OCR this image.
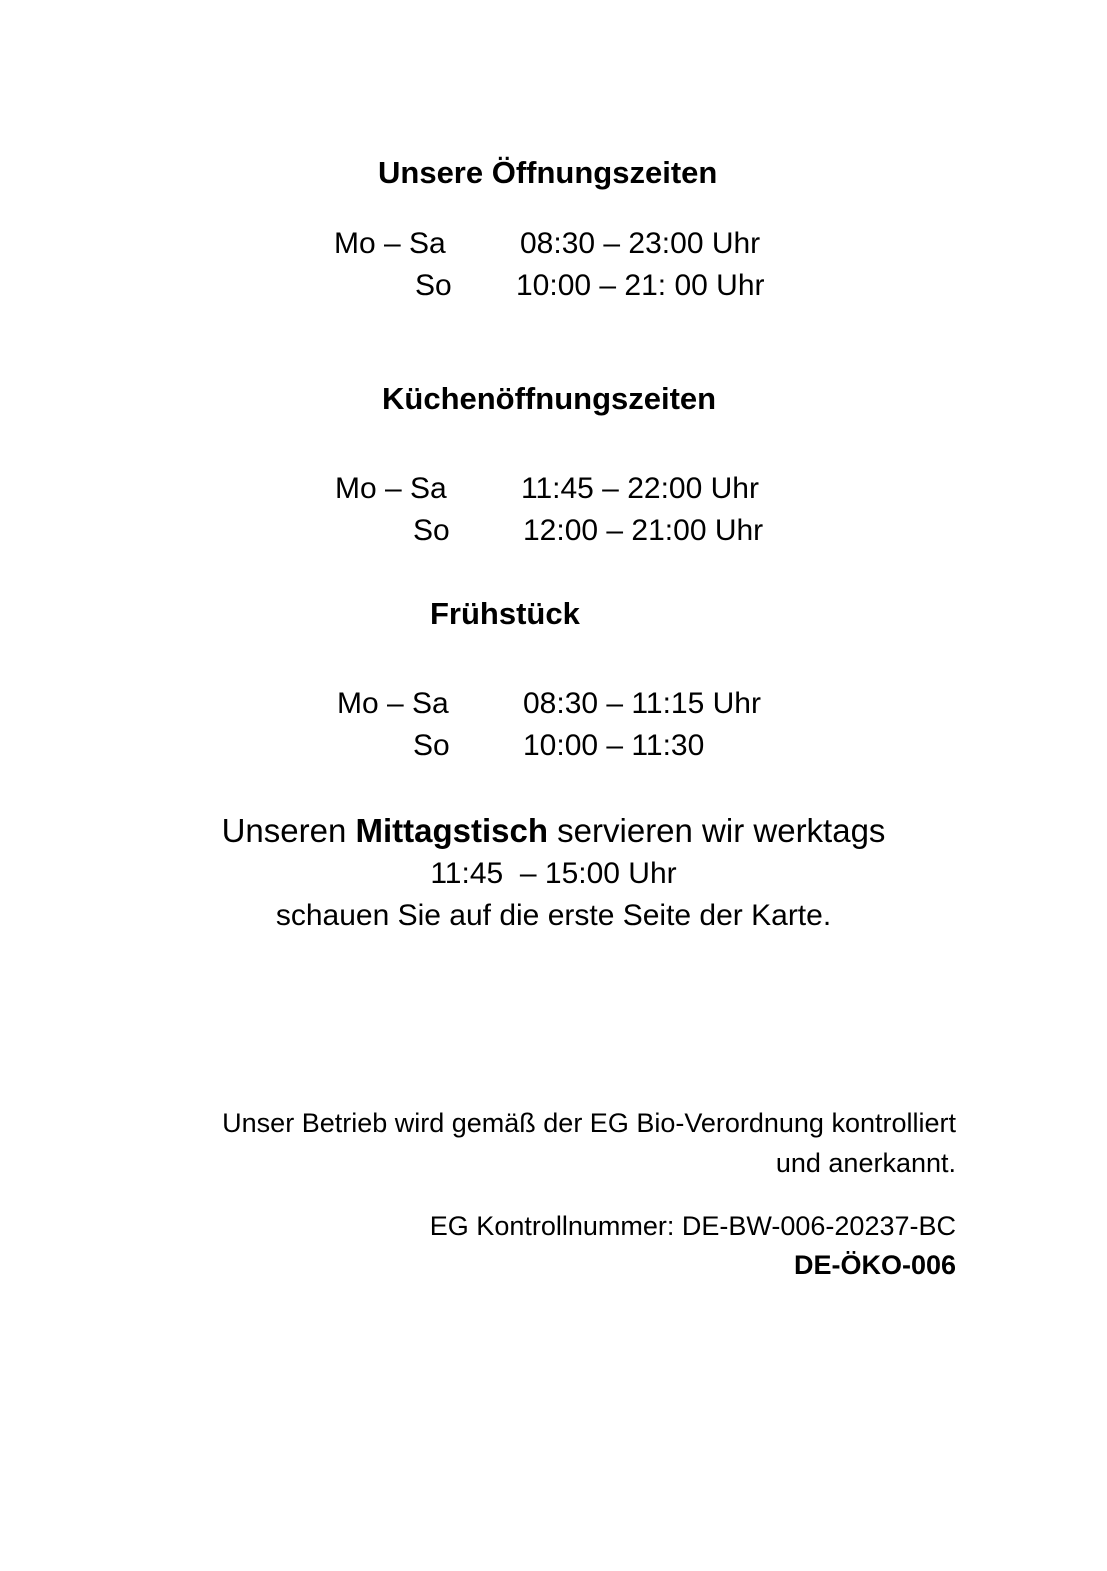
Unsere Öffnungszeiten
Mo – Sa 08:30 – 23:00 Uhr
So 10:00 – 21: 00 Uhr
Küchenöffnungszeiten
Mo – Sa 11:45 – 22:00 Uhr
So 12:00 – 21:00 Uhr
Frühstück
Mo – Sa 08:30 – 11:15 Uhr
So 10:00 – 11:30
Unseren Mittagstisch servieren wir werktags
11:45  – 15:00 Uhr
schauen Sie auf die erste Seite der Karte.
Unser Betrieb wird gemäß der EG Bio-Verordnung kontrolliert
und anerkannt.
EG Kontrollnummer: DE-BW-006-20237-BC
DE-ÖKO-006
